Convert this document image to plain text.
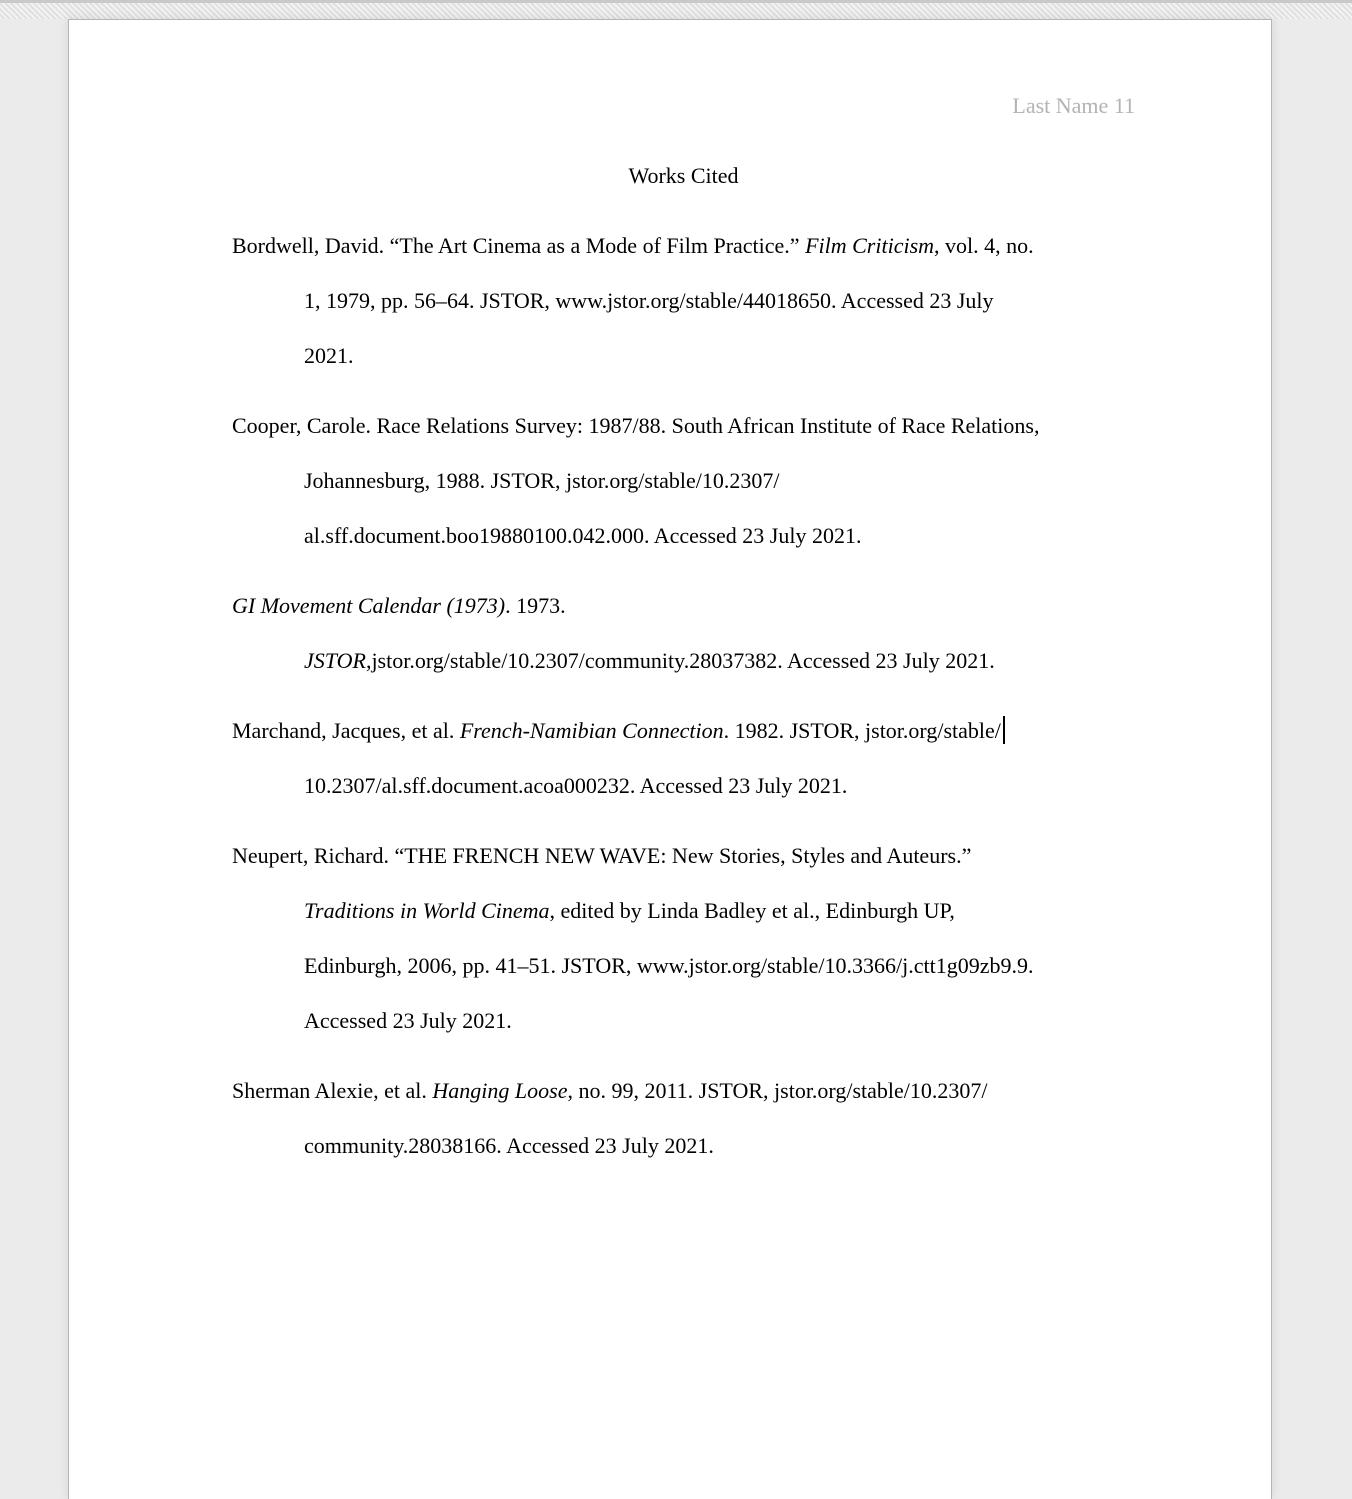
Last Name 11
Works Cited
Bordwell, David. “The Art Cinema as a Mode of Film Practice.” Film Criticism, vol. 4, no.
1, 1979, pp. 56–64. JSTOR, www.jstor.org/stable/44018650. Accessed 23 July
2021.
Cooper, Carole. Race Relations Survey: 1987/88. South African Institute of Race Relations,
Johannesburg, 1988. JSTOR, jstor.org/stable/10.2307/
al.sff.document.boo19880100.042.000. Accessed 23 July 2021.
GI Movement Calendar (1973). 1973.
JSTOR,jstor.org/stable/10.2307/community.28037382. Accessed 23 July 2021.
Marchand, Jacques, et al. French-Namibian Connection. 1982. JSTOR, jstor.org/stable/
10.2307/al.sff.document.acoa000232. Accessed 23 July 2021.
Neupert, Richard. “THE FRENCH NEW WAVE: New Stories, Styles and Auteurs.”
Traditions in World Cinema, edited by Linda Badley et al., Edinburgh UP,
Edinburgh, 2006, pp. 41–51. JSTOR, www.jstor.org/stable/10.3366/j.ctt1g09zb9.9.
Accessed 23 July 2021.
Sherman Alexie, et al. Hanging Loose, no. 99, 2011. JSTOR, jstor.org/stable/10.2307/
community.28038166. Accessed 23 July 2021.
